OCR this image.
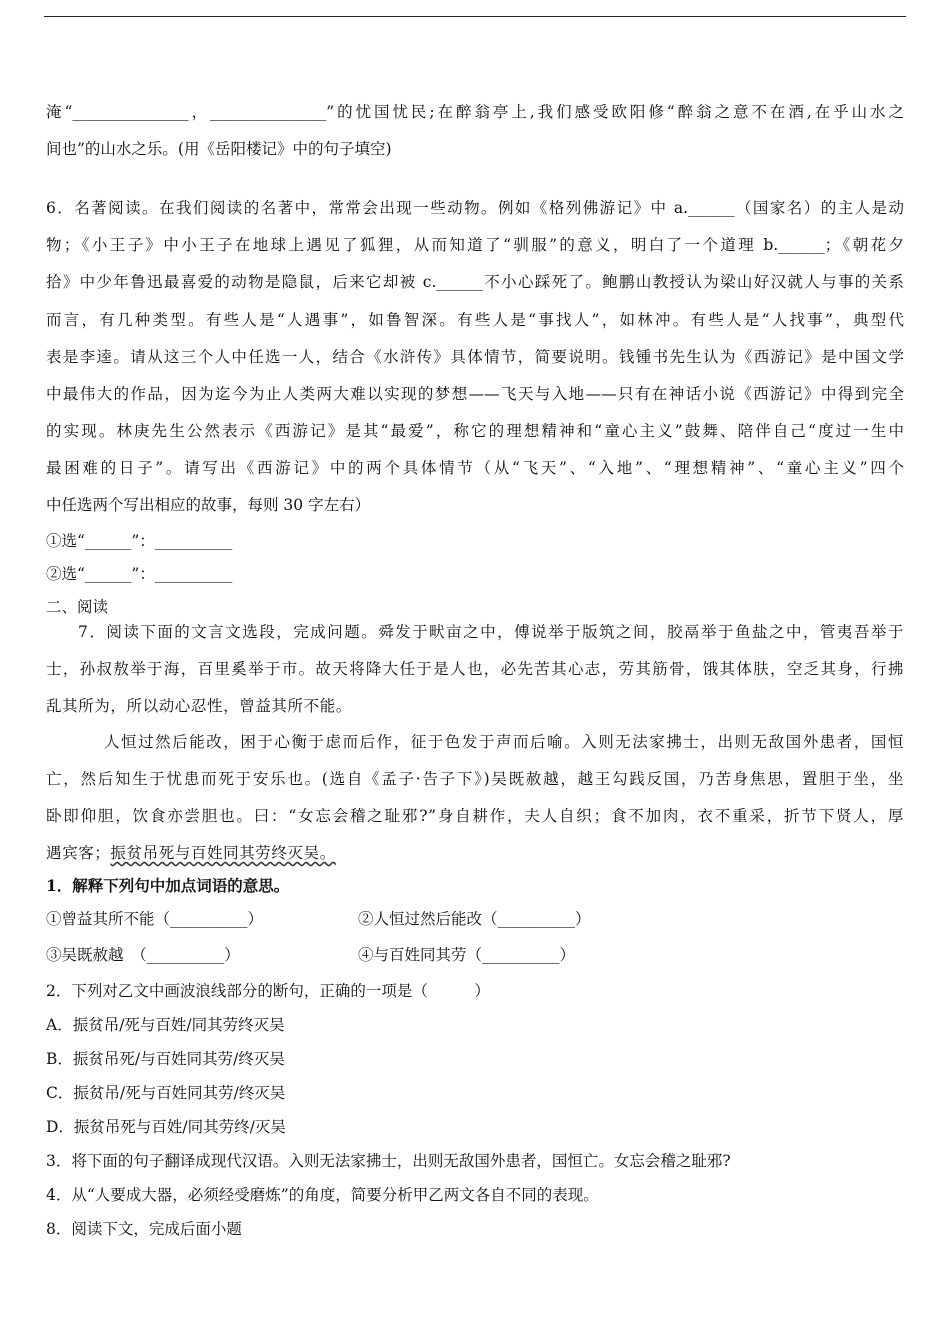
淹“_______________，_______________”的忧国忧民;在醉翁亭上,我们感受欧阳修“醉翁之意不在酒,在乎山水之
间也”的山水之乐。(用《岳阳楼记》中的句子填空)
6．名著阅读。在我们阅读的名著中，常常会出现一些动物。例如《格列佛游记》中 a.______（国家名）的主人是动
物；《小王子》中小王子在地球上遇见了狐狸，从而知道了“驯服”的意义，明白了一个道理 b.______；《朝花夕
拾》中少年鲁迅最喜爱的动物是隐鼠，后来它却被 c.______不小心踩死了。鲍鹏山教授认为梁山好汉就人与事的关系
而言，有几种类型。有些人是“人遇事”，如鲁智深。有些人是“事找人”，如林冲。有些人是“人找事”，典型代
表是李逵。请从这三个人中任选一人，结合《水浒传》具体情节，简要说明。钱锺书先生认为《西游记》是中国文学
中最伟大的作品，因为迄今为止人类两大难以实现的梦想——飞天与入地——只有在神话小说《西游记》中得到完全
的实现。林庚先生公然表示《西游记》是其“最爱”，称它的理想精神和“童心主义”鼓舞、陪伴自己“度过一生中
最困难的日子”。请写出《西游记》中的两个具体情节（从“飞天”、“入地”、“理想精神”、“童心主义”四个
中任选两个写出相应的故事，每则 30 字左右）
①选“______”：__________
②选“______”：__________
二、阅读
7．阅读下面的文言文选段，完成问题。舜发于畎亩之中，傅说举于版筑之间，胶鬲举于鱼盐之中，管夷吾举于
士，孙叔敖举于海，百里奚举于市。故天将降大任于是人也，必先苦其心志，劳其筋骨，饿其体肤，空乏其身，行拂
乱其所为，所以动心忍性，曾益其所不能。
人恒过然后能改，困于心衡于虑而后作，征于色发于声而后喻。入则无法家拂士，出则无敌国外患者，国恒
亡，然后知生于忧患而死于安乐也。(选自《孟子·告子下》)吴既赦越，越王勾践反国，乃苦身焦思，置胆于坐，坐
卧即仰胆，饮食亦尝胆也。曰：“女忘会稽之耻邪?”身自耕作，夫人自织；食不加肉，衣不重采，折节下贤人，厚
遇宾客；振贫吊死与百姓同其劳终灭吴。
1．解释下列句中加点词语的意思。
①曾益其所不能（__________）	②人恒过然后能改（__________）
③吴既赦越　（__________）	④与百姓同其劳（__________）
2．下列对乙文中画波浪线部分的断句，正确的一项是（　　　）
A．振贫吊/死与百姓/同其劳终灭吴
B．振贫吊死/与百姓同其劳/终灭吴
C．振贫吊/死与百姓同其劳/终灭吴
D．振贫吊死与百姓/同其劳终/灭吴
3．将下面的句子翻译成现代汉语。入则无法家拂士，出则无敌国外患者，国恒亡。女忘会稽之耻邪?
4．从“人要成大器，必须经受磨炼”的角度，简要分析甲乙两文各自不同的表现。
8．阅读下文，完成后面小题
